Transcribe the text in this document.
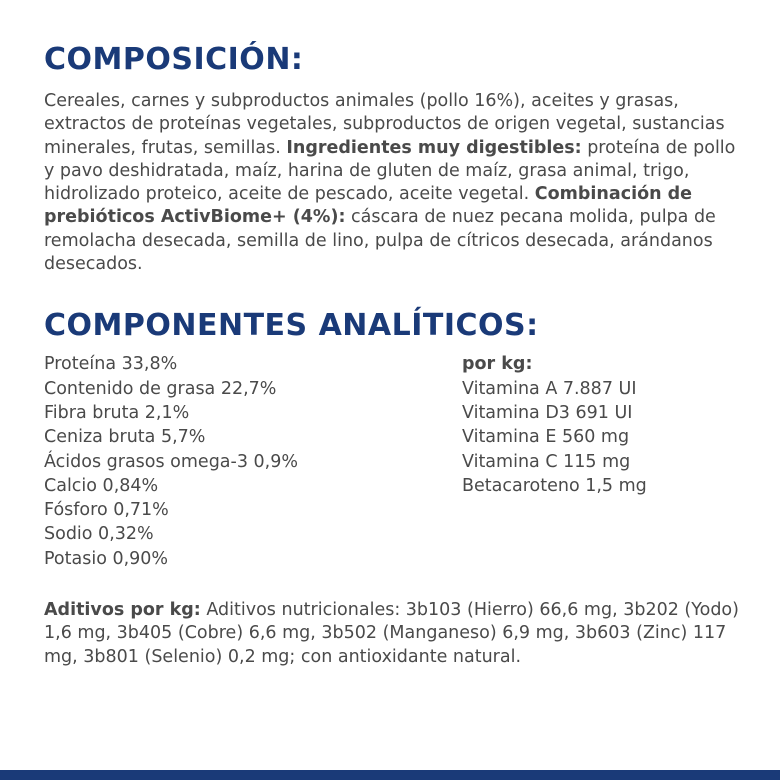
COMPOSICIÓN:
Cereales, carnes y subproductos animales (pollo 16%), aceites y grasas, extractos de proteínas vegetales, subproductos de origen vegetal, sustancias minerales, frutas, semillas. Ingredientes muy digestibles: proteína de pollo y pavo deshidratada, maíz, harina de gluten de maíz, grasa animal, trigo, hidrolizado proteico, aceite de pescado, aceite vegetal. Combinación de prebióticos ActivBiome+ (4%): cáscara de nuez pecana molida, pulpa de remolacha desecada, semilla de lino, pulpa de cítricos desecada, arándanos desecados.
COMPONENTES ANALÍTICOS:
Proteína 33,8%
Contenido de grasa 22,7%
Fibra bruta 2,1%
Ceniza bruta 5,7%
Ácidos grasos omega-3 0,9%
Calcio 0,84%
Fósforo 0,71%
Sodio 0,32%
Potasio 0,90%
por kg:
Vitamina A 7.887 UI
Vitamina D3 691 UI
Vitamina E 560 mg
Vitamina C 115 mg
Betacaroteno 1,5 mg
Aditivos por kg: Aditivos nutricionales: 3b103 (Hierro) 66,6 mg, 3b202 (Yodo) 1,6 mg, 3b405 (Cobre) 6,6 mg, 3b502 (Manganeso) 6,9 mg, 3b603 (Zinc) 117 mg, 3b801 (Selenio) 0,2 mg; con antioxidante natural.
